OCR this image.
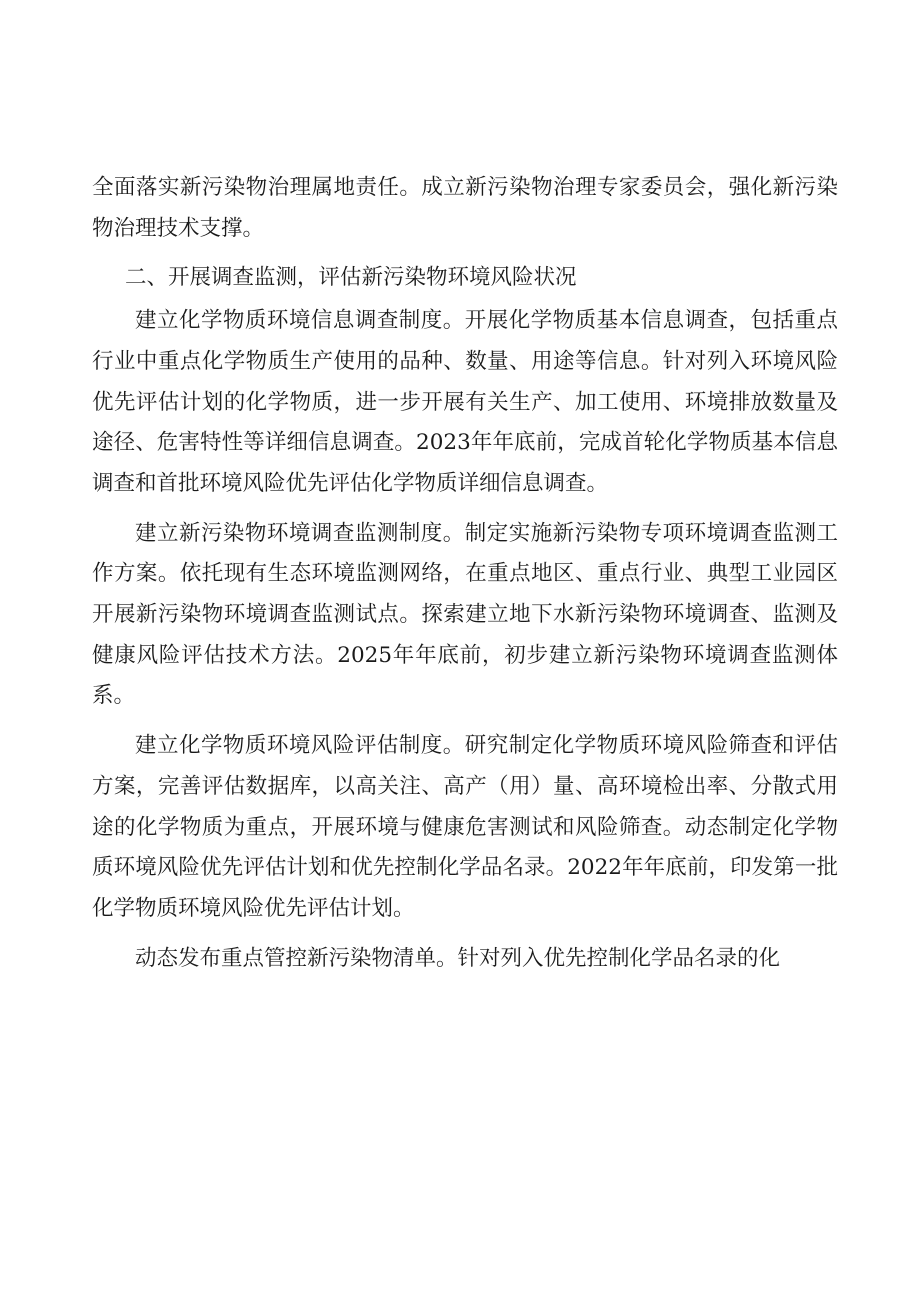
全面落实新污染物治理属地责任。成立新污染物治理专家委员会，强化新污染物治理技术支撑。

二、开展调查监测，评估新污染物环境风险状况

建立化学物质环境信息调查制度。开展化学物质基本信息调查，包括重点行业中重点化学物质生产使用的品种、数量、用途等信息。针对列入环境风险优先评估计划的化学物质，进一步开展有关生产、加工使用、环境排放数量及途径、危害特性等详细信息调查。2023年年底前，完成首轮化学物质基本信息调查和首批环境风险优先评估化学物质详细信息调查。

建立新污染物环境调查监测制度。制定实施新污染物专项环境调查监测工作方案。依托现有生态环境监测网络，在重点地区、重点行业、典型工业园区开展新污染物环境调查监测试点。探索建立地下水新污染物环境调查、监测及健康风险评估技术方法。2025年年底前，初步建立新污染物环境调查监测体系。

建立化学物质环境风险评估制度。研究制定化学物质环境风险筛查和评估方案，完善评估数据库，以高关注、高产（用）量、高环境检出率、分散式用途的化学物质为重点，开展环境与健康危害测试和风险筛查。动态制定化学物质环境风险优先评估计划和优先控制化学品名录。2022年年底前，印发第一批化学物质环境风险优先评估计划。

动态发布重点管控新污染物清单。针对列入优先控制化学品名录的化
